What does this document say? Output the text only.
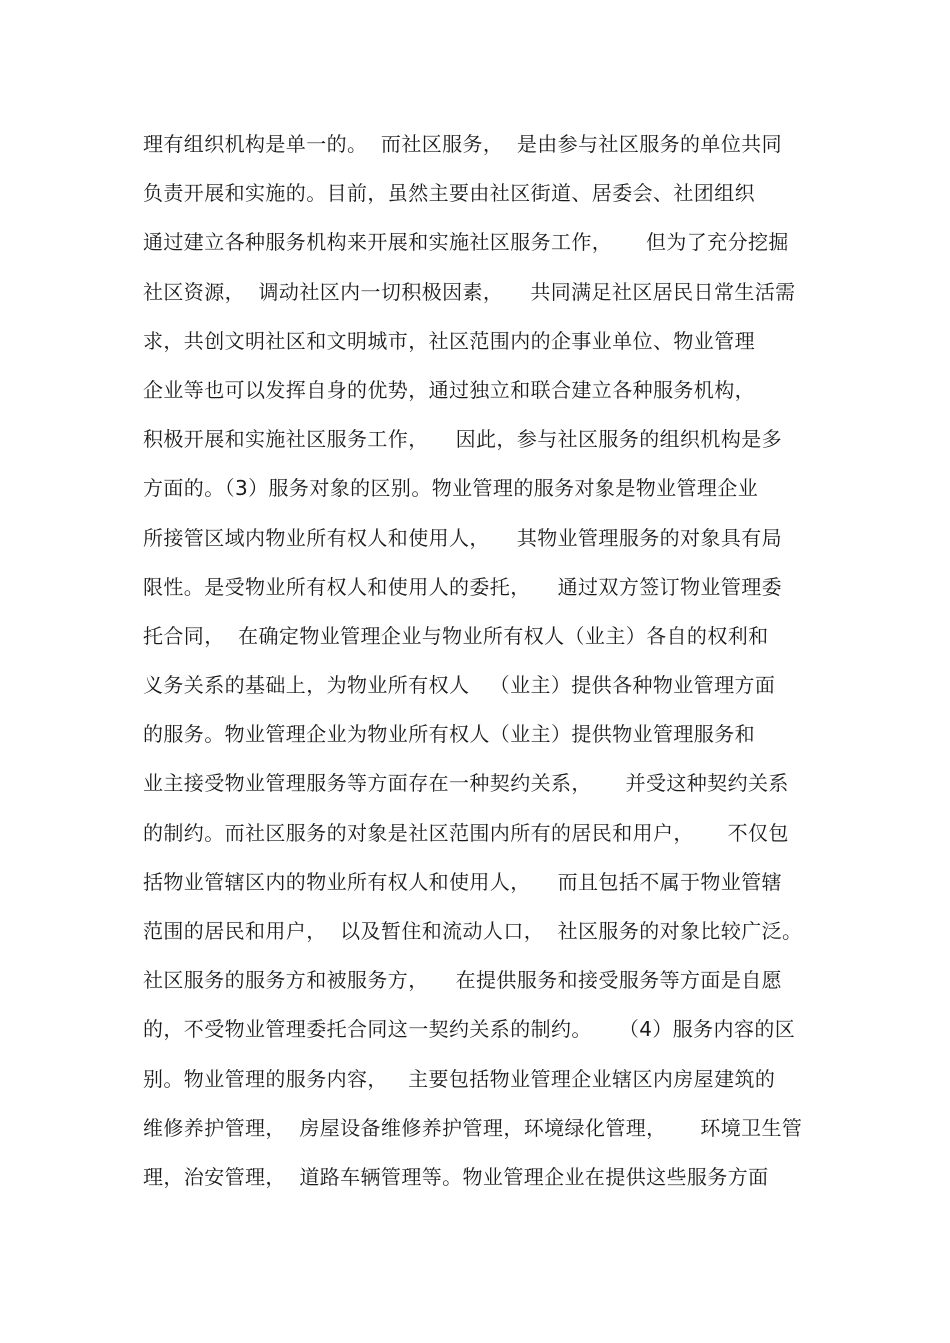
理有组织机构是单一的。  而社区服务，  是由参与社区服务的单位共同
负责开展和实施的。目前，虽然主要由社区街道、居委会、社团组织
通过建立各种服务机构来开展和实施社区服务工作，     但为了充分挖掘
社区资源，  调动社区内一切积极因素，    共同满足社区居民日常生活需
求，共创文明社区和文明城市，社区范围内的企事业单位、物业管理
企业等也可以发挥自身的优势，通过独立和联合建立各种服务机构，
积极开展和实施社区服务工作，    因此，参与社区服务的组织机构是多
方面的。（3）服务对象的区别。物业管理的服务对象是物业管理企业
所接管区域内物业所有权人和使用人，    其物业管理服务的对象具有局
限性。是受物业所有权人和使用人的委托，    通过双方签订物业管理委
托合同，  在确定物业管理企业与物业所有权人（业主）各自的权利和
义务关系的基础上，为物业所有权人   （业主）提供各种物业管理方面
的服务。物业管理企业为物业所有权人（业主）提供物业管理服务和
业主接受物业管理服务等方面存在一种契约关系，     并受这种契约关系
的制约。而社区服务的对象是社区范围内所有的居民和用户，     不仅包
括物业管辖区内的物业所有权人和使用人，    而且包括不属于物业管辖
范围的居民和用户，  以及暂住和流动人口，  社区服务的对象比较广泛。
社区服务的服务方和被服务方，    在提供服务和接受服务等方面是自愿
的，不受物业管理委托合同这一契约关系的制约。    （4）服务内容的区
别。物业管理的服务内容，   主要包括物业管理企业辖区内房屋建筑的
维修养护管理，  房屋设备维修养护管理，环境绿化管理，     环境卫生管
理，治安管理，  道路车辆管理等。物业管理企业在提供这些服务方面
